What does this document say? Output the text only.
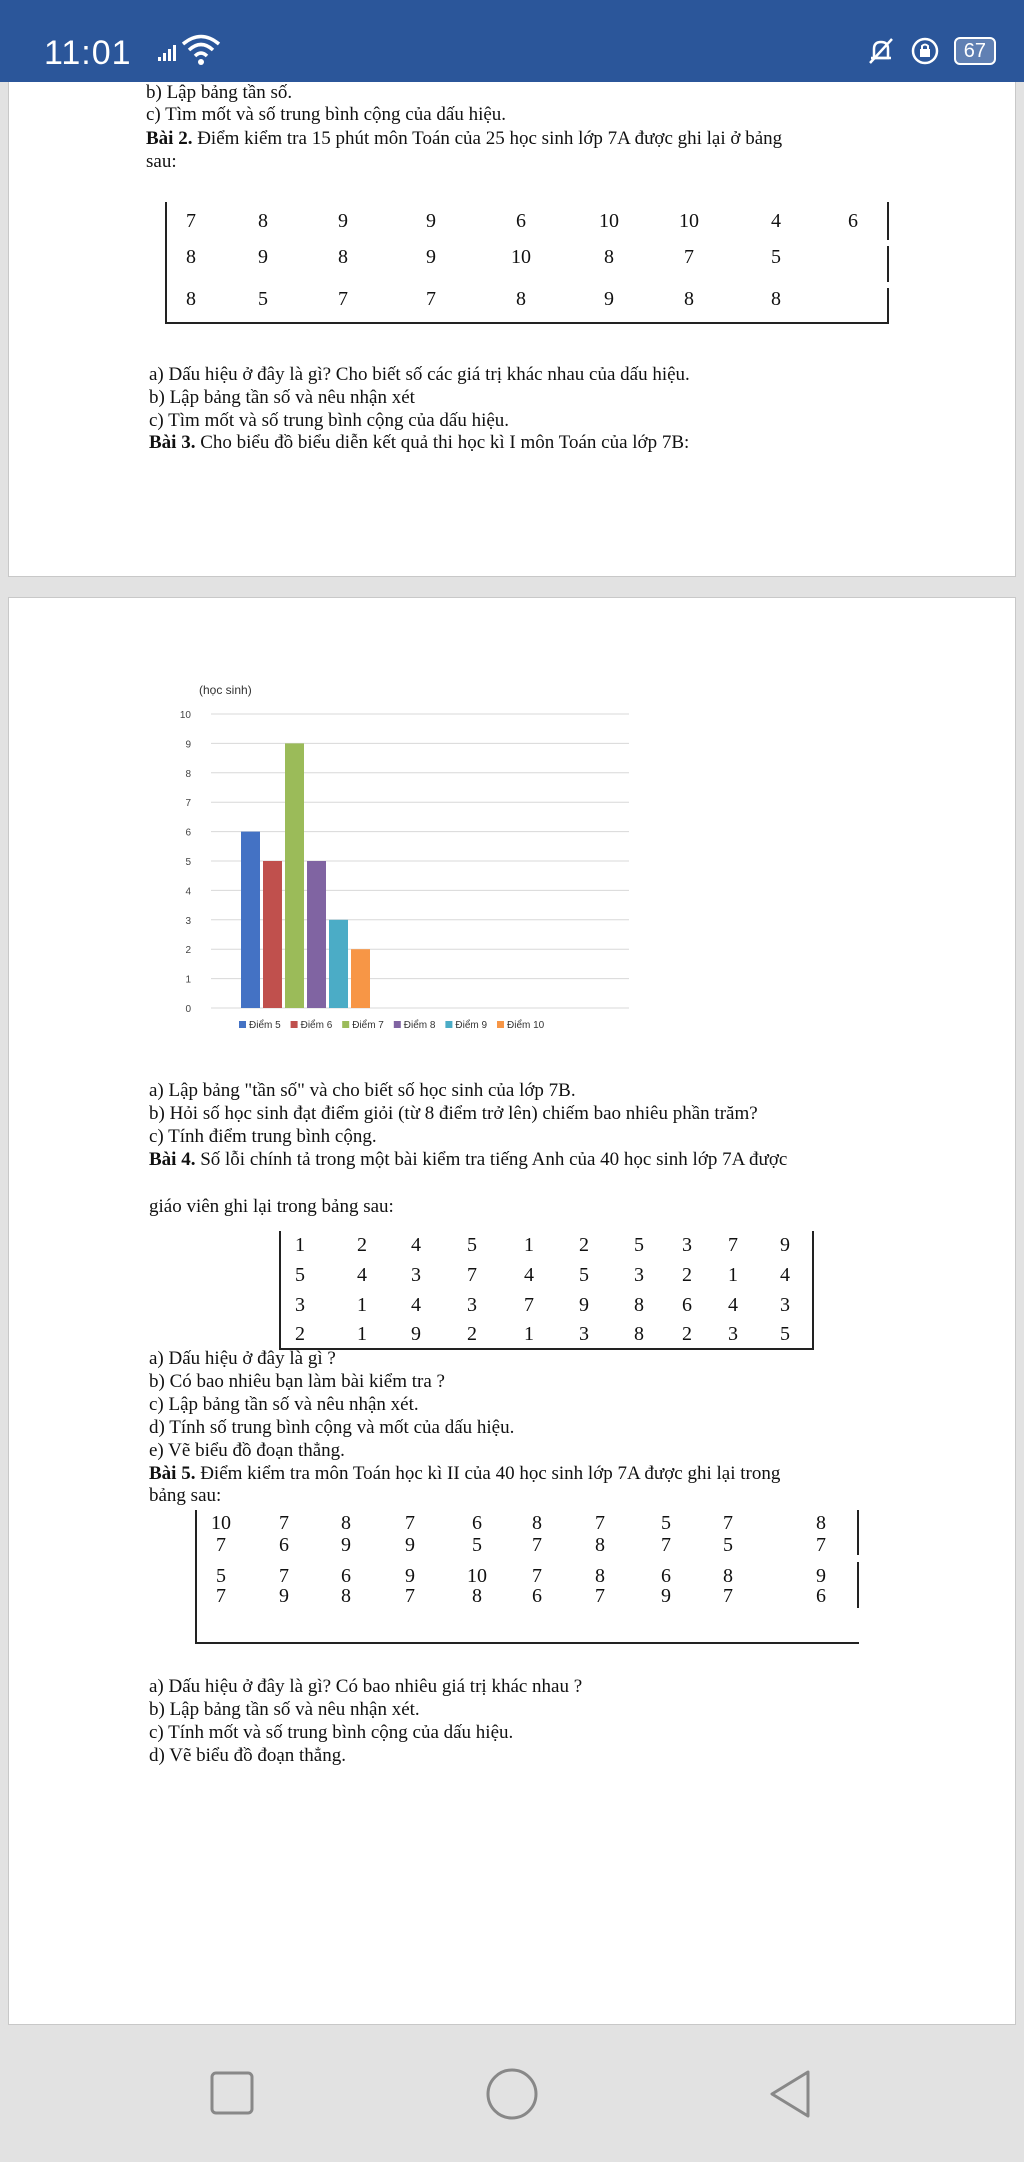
11:01	67
b) Lập bảng tần số.
c) Tìm mốt và số trung bình cộng của dấu hiệu.
Bài 2. Điểm kiểm tra 15 phút môn Toán của 25 học sinh lớp 7A được ghi lại ở bảng
sau:
7	8	9	9	6	10	10	4	6
8	9	8	9	10	8	7	5
8	5	7	7	8	9	8	8
a) Dấu hiệu ở đây là gì? Cho biết số các giá trị khác nhau của dấu hiệu.
b) Lập bảng tần số và nêu nhận xét
c) Tìm mốt và số trung bình cộng của dấu hiệu.
Bài 3. Cho biểu đồ biểu diễn kết quả thi học kì I môn Toán của lớp 7B:
(học sinh)
0
1
2
3
4
5
6
7
8
9
10
Điểm 5 Điểm 6 Điểm 7 Điểm 8 Điểm 9 Điểm 10
a) Lập bảng "tần số" và cho biết số học sinh của lớp 7B.
b) Hỏi số học sinh đạt điểm giỏi (từ 8 điểm trở lên) chiếm bao nhiêu phần trăm?
c) Tính điểm trung bình cộng.
Bài 4. Số lỗi chính tả trong một bài kiểm tra tiếng Anh của 40 học sinh lớp 7A được
giáo viên ghi lại trong bảng sau:
1	2	4	5	1	2	5	3	7	9
5	4	3	7	4	5	3	2	1	4
3	1	4	3	7	9	8	6	4	3
2	1	9	2	1	3	8	2	3	5
a) Dấu hiệu ở đây là gì ?
b) Có bao nhiêu bạn làm bài kiểm tra ?
c) Lập bảng tần số và nêu nhận xét.
d) Tính số trung bình cộng và mốt của dấu hiệu.
e) Vẽ biểu đồ đoạn thẳng.
Bài 5. Điểm kiểm tra môn Toán học kì II của 40 học sinh lớp 7A được ghi lại trong
bảng sau:
10	7	8	7	6	8	7	5	7	8
7	6	9	9	5	7	8	7	5	7
5	7	6	9	10	7	8	6	8	9
7	9	8	7	8	6	7	9	7	6
a) Dấu hiệu ở đây là gì? Có bao nhiêu giá trị khác nhau ?
b) Lập bảng tần số và nêu nhận xét.
c) Tính mốt và số trung bình cộng của dấu hiệu.
d) Vẽ biểu đồ đoạn thẳng.
